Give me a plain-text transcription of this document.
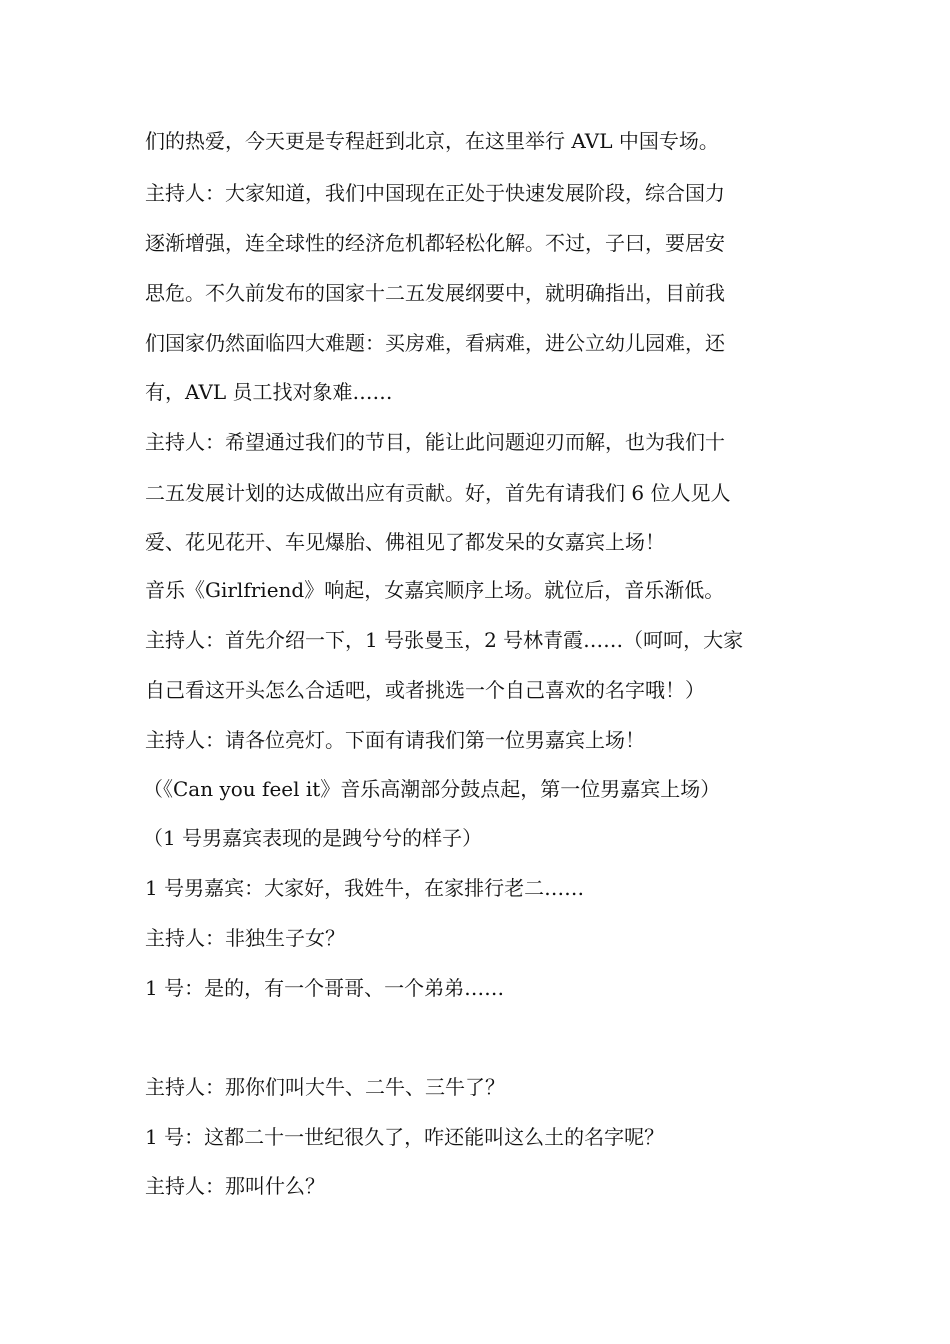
们的热爱，今天更是专程赶到北京，在这里举行 AVL 中国专场。
主持人：大家知道，我们中国现在正处于快速发展阶段，综合国力
逐渐增强，连全球性的经济危机都轻松化解。不过，子曰，要居安
思危。不久前发布的国家十二五发展纲要中，就明确指出，目前我
们国家仍然面临四大难题：买房难，看病难，进公立幼儿园难，还
有，AVL 员工找对象难……
主持人：希望通过我们的节目，能让此问题迎刃而解，也为我们十
二五发展计划的达成做出应有贡献。好，首先有请我们 6 位人见人
爱、花见花开、车见爆胎、佛祖见了都发呆的女嘉宾上场！
音乐《Girlfriend》响起，女嘉宾顺序上场。就位后，音乐渐低。
主持人：首先介绍一下，1 号张曼玉，2 号林青霞……（呵呵，大家
自己看这开头怎么合适吧，或者挑选一个自己喜欢的名字哦！）
主持人：请各位亮灯。下面有请我们第一位男嘉宾上场！
（《Can you feel it》音乐高潮部分鼓点起，第一位男嘉宾上场）
（1 号男嘉宾表现的是跩兮兮的样子）
1 号男嘉宾：大家好，我姓牛，在家排行老二……
主持人：非独生子女？
1 号：是的，有一个哥哥、一个弟弟……
主持人：那你们叫大牛、二牛、三牛了？
1 号：这都二十一世纪很久了，咋还能叫这么土的名字呢？
主持人：那叫什么？
